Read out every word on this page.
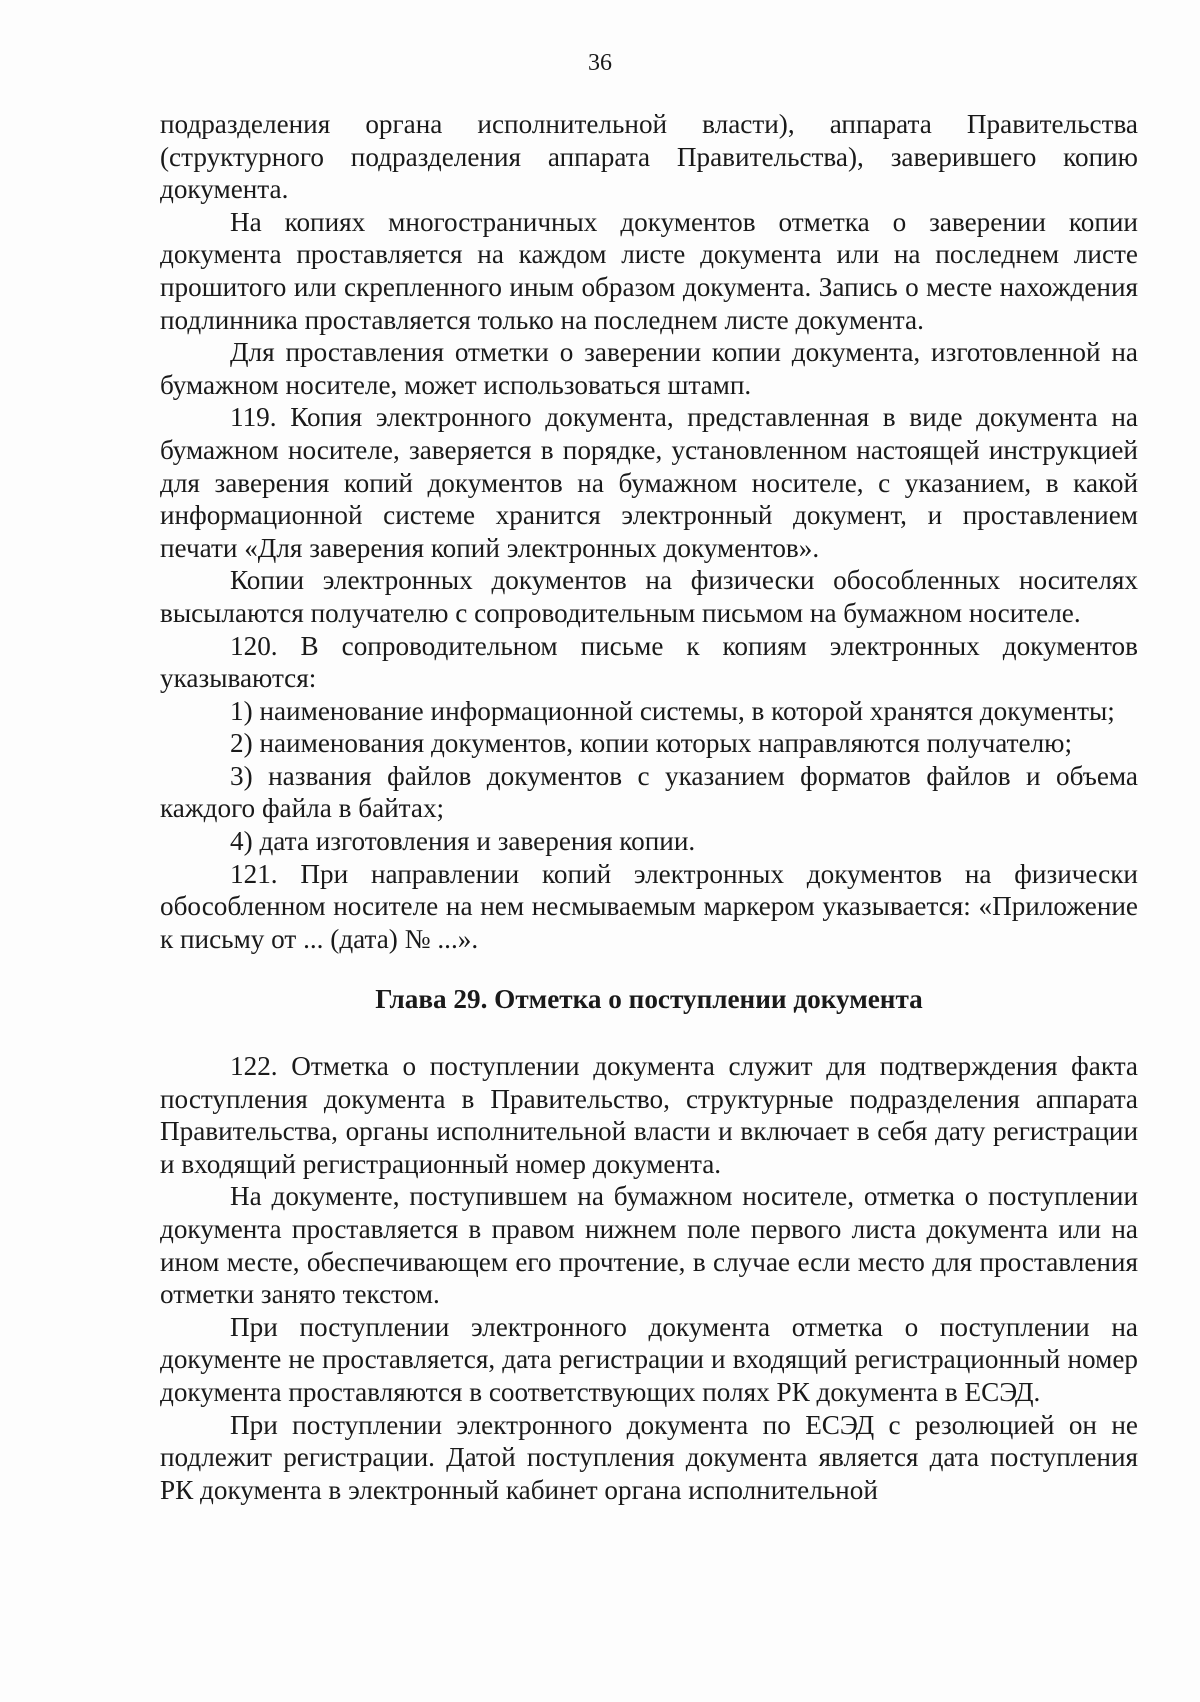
36

подразделения органа исполнительной власти), аппарата Правительства (структурного подразделения аппарата Правительства), заверившего копию документа.

На копиях многостраничных документов отметка о заверении копии документа проставляется на каждом листе документа или на последнем листе прошитого или скрепленного иным образом документа. Запись о месте нахождения подлинника проставляется только на последнем листе документа.

Для проставления отметки о заверении копии документа, изготовленной на бумажном носителе, может использоваться штамп.

119. Копия электронного документа, представленная в виде документа на бумажном носителе, заверяется в порядке, установленном настоящей инструкцией для заверения копий документов на бумажном носителе, с указанием, в какой информационной системе хранится электронный документ, и проставлением печати «Для заверения копий электронных документов».

Копии электронных документов на физически обособленных носителях высылаются получателю с сопроводительным письмом на бумажном носителе.

120. В сопроводительном письме к копиям электронных документов указываются:

1) наименование информационной системы, в которой хранятся документы;

2) наименования документов, копии которых направляются получателю;

3) названия файлов документов с указанием форматов файлов и объема каждого файла в байтах;

4) дата изготовления и заверения копии.

121. При направлении копий электронных документов на физически обособленном носителе на нем несмываемым маркером указывается: «Приложение к письму от ... (дата) № ...».

Глава 29. Отметка о поступлении документа

122. Отметка о поступлении документа служит для подтверждения факта поступления документа в Правительство, структурные подразделения аппарата Правительства, органы исполнительной власти и включает в себя дату регистрации и входящий регистрационный номер документа.

На документе, поступившем на бумажном носителе, отметка о поступлении документа проставляется в правом нижнем поле первого листа документа или на ином месте, обеспечивающем его прочтение, в случае если место для проставления отметки занято текстом.

При поступлении электронного документа отметка о поступлении на документе не проставляется, дата регистрации и входящий регистрационный номер документа проставляются в соответствующих полях РК документа в ЕСЭД.

При поступлении электронного документа по ЕСЭД с резолюцией он не подлежит регистрации. Датой поступления документа является дата поступления РК документа в электронный кабинет органа исполнительной
